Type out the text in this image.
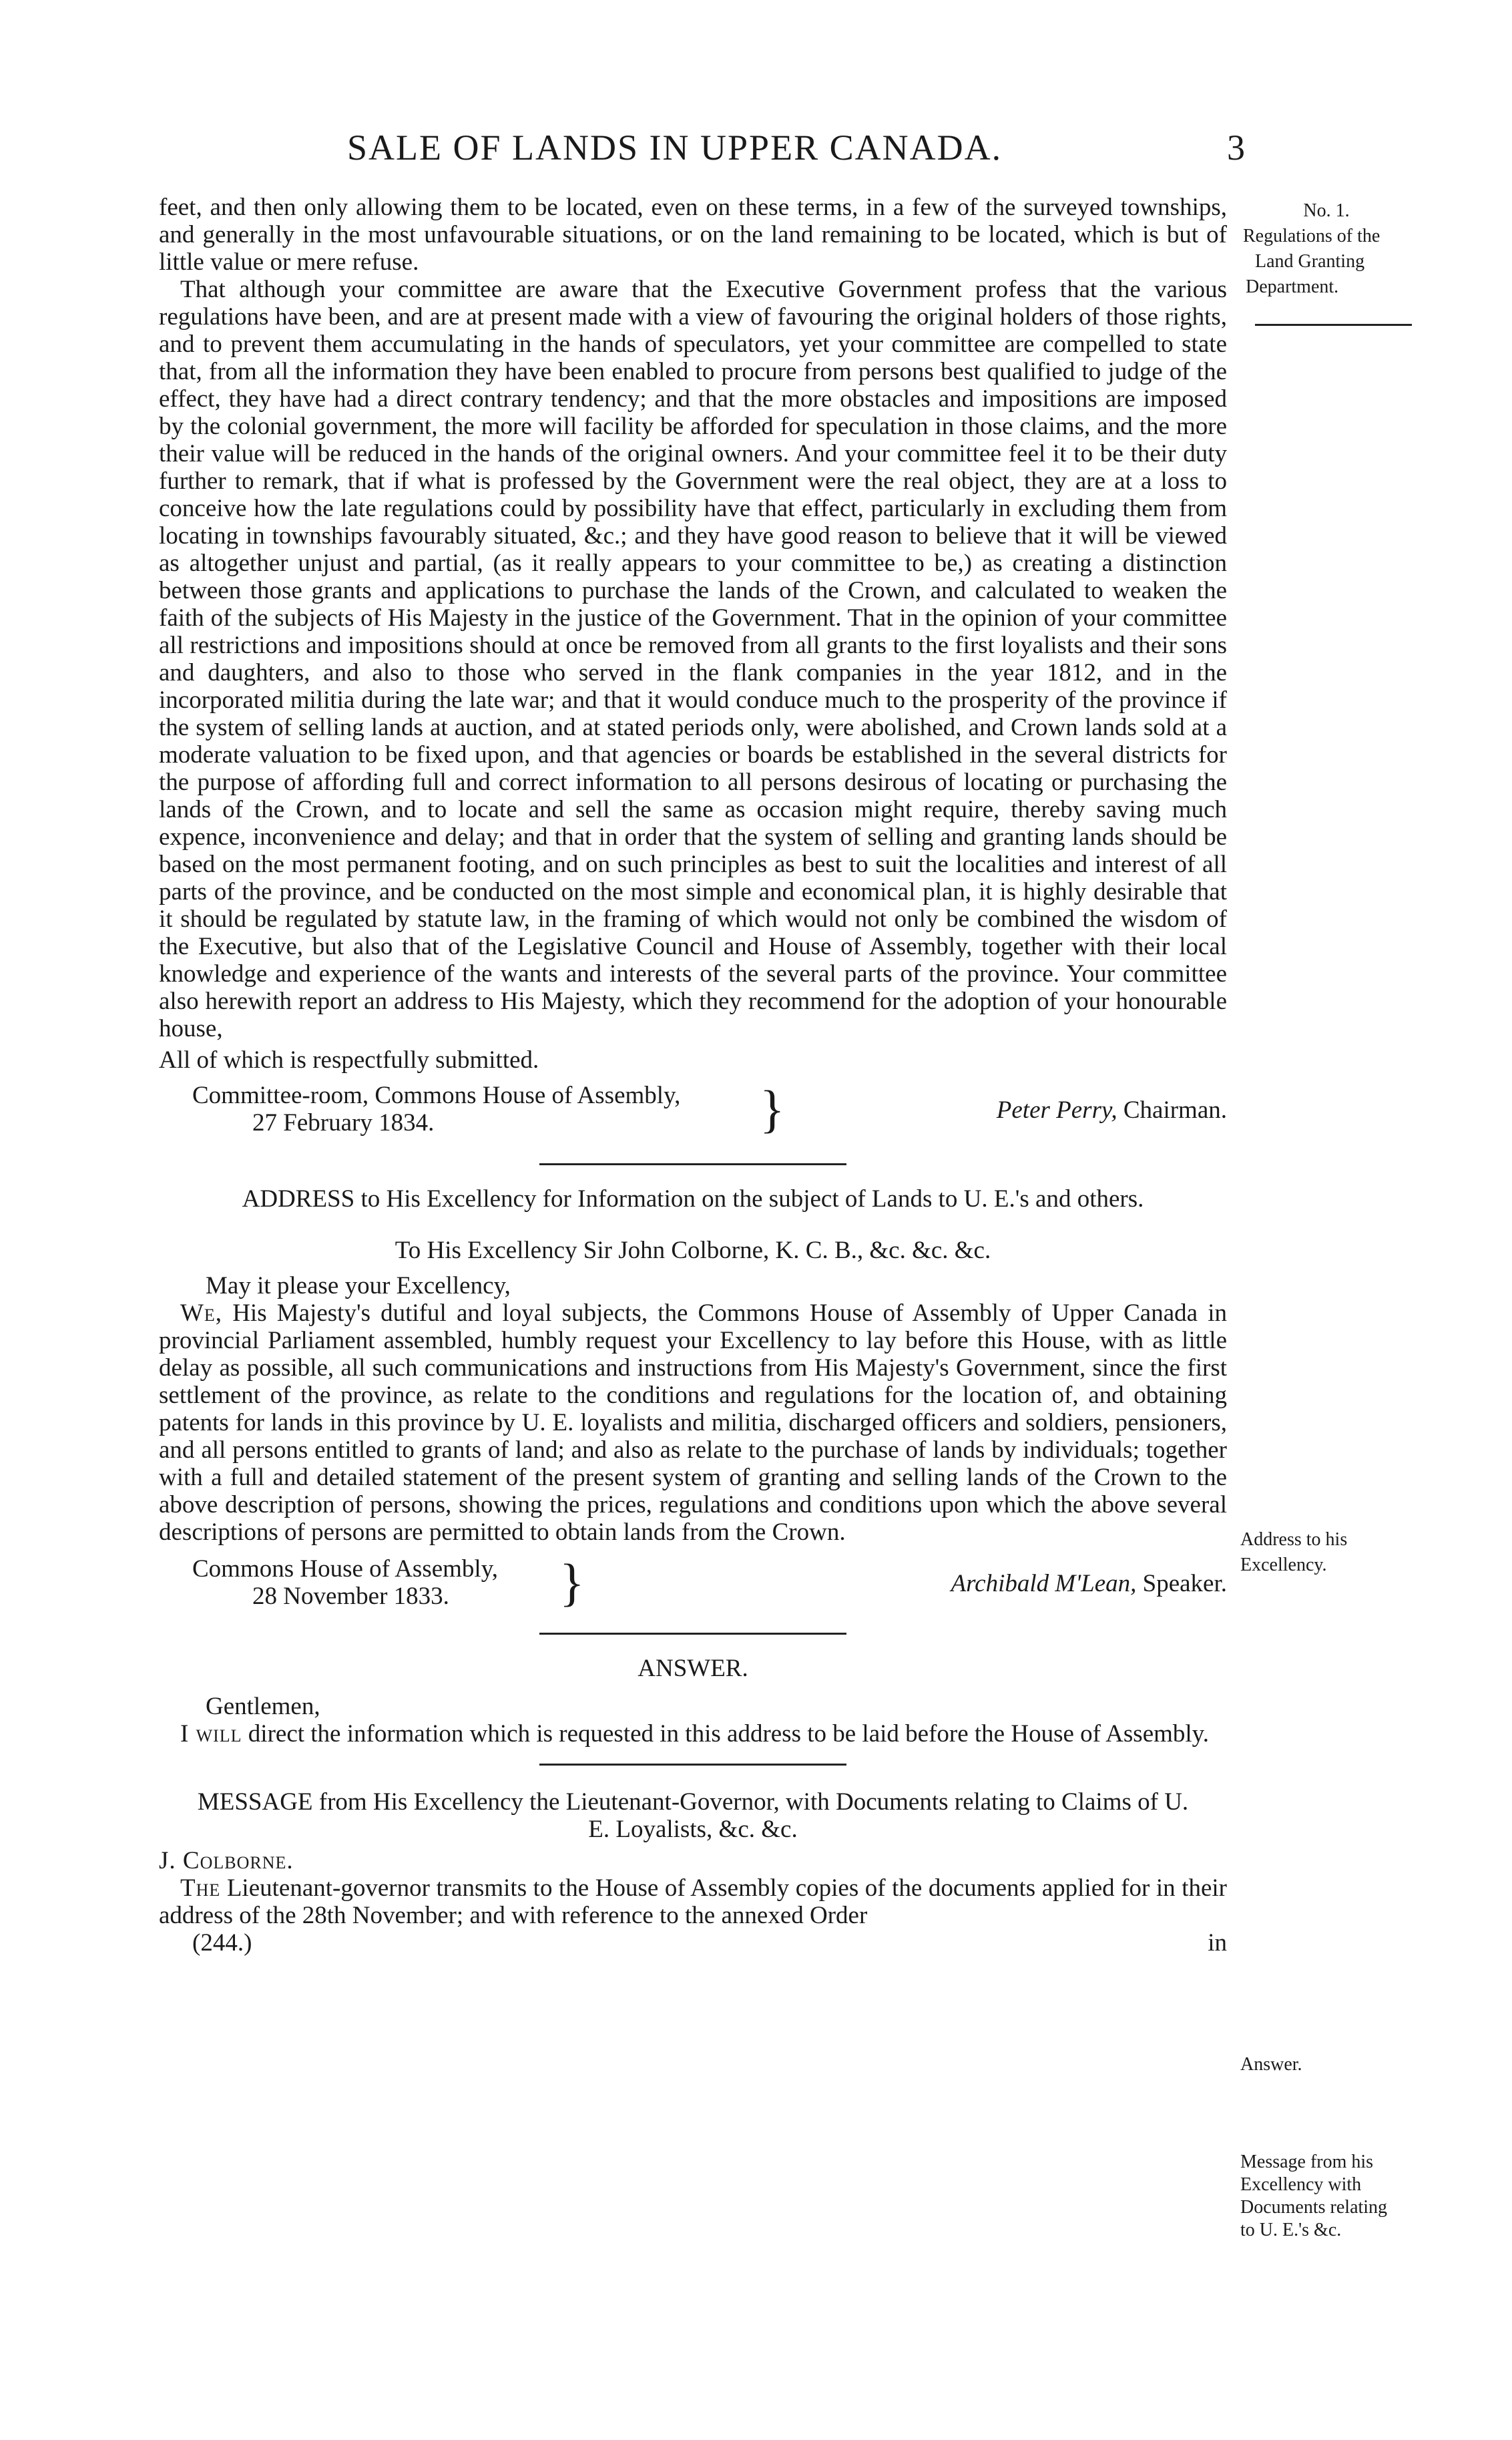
SALE OF LANDS IN UPPER CANADA.	3
No. 1.
Regulations of the
Land Granting
Department.
Address to his
Excellency.
Answer.
Message from his
Excellency with
Documents relating
to U. E.'s &c.

feet, and then only allowing them to be located, even on these terms, in a few of the surveyed townships, and generally in the most unfavourable situations, or on the land remaining to be located, which is but of little value or mere refuse.

That although your committee are aware that the Executive Government profess that the various regulations have been, and are at present made with a view of favouring the original holders of those rights, and to prevent them accumulating in the hands of speculators, yet your committee are compelled to state that, from all the information they have been enabled to procure from persons best qualified to judge of the effect, they have had a direct contrary tendency; and that the more obstacles and impositions are imposed by the colonial government, the more will facility be afforded for speculation in those claims, and the more their value will be reduced in the hands of the original owners. And your committee feel it to be their duty further to remark, that if what is professed by the Government were the real object, they are at a loss to conceive how the late regulations could by possibility have that effect, particularly in excluding them from locating in townships favourably situated, &c.; and they have good reason to believe that it will be viewed as altogether unjust and partial, (as it really appears to your committee to be,) as creating a distinction between those grants and applications to purchase the lands of the Crown, and calculated to weaken the faith of the subjects of His Majesty in the justice of the Government. That in the opinion of your committee all restrictions and impositions should at once be removed from all grants to the first loyalists and their sons and daughters, and also to those who served in the flank companies in the year 1812, and in the incorporated militia during the late war; and that it would conduce much to the prosperity of the province if the system of selling lands at auction, and at stated periods only, were abolished, and Crown lands sold at a moderate valuation to be fixed upon, and that agencies or boards be established in the several districts for the purpose of affording full and correct information to all persons desirous of locating or purchasing the lands of the Crown, and to locate and sell the same as occasion might require, thereby saving much expence, inconvenience and delay; and that in order that the system of selling and granting lands should be based on the most permanent footing, and on such principles as best to suit the localities and interest of all parts of the province, and be conducted on the most simple and economical plan, it is highly desirable that it should be regulated by statute law, in the framing of which would not only be combined the wisdom of the Executive, but also that of the Legislative Council and House of Assembly, together with their local knowledge and experience of the wants and interests of the several parts of the province. Your committee also herewith report an address to His Majesty, which they recommend for the adoption of your honourable house,

All of which is respectfully submitted.

Committee-room, Commons House of Assembly,
27 February 1834.	}	Peter Perry, Chairman.
ADDRESS to His Excellency for Information on the subject of Lands to U. E.'s and others.
To His Excellency Sir John Colborne, K. C. B., &c. &c. &c.

May it please your Excellency,

We, His Majesty's dutiful and loyal subjects, the Commons House of Assembly of Upper Canada in provincial Parliament assembled, humbly request your Excellency to lay before this House, with as little delay as possible, all such communications and instructions from His Majesty's Government, since the first settlement of the province, as relate to the conditions and regulations for the location of, and obtaining patents for lands in this province by U. E. loyalists and militia, discharged officers and soldiers, pensioners, and all persons entitled to grants of land; and also as relate to the purchase of lands by individuals; together with a full and detailed statement of the present system of granting and selling lands of the Crown to the above description of persons, showing the prices, regulations and conditions upon which the above several descriptions of persons are permitted to obtain lands from the Crown.

Commons House of Assembly,
28 November 1833.	}	Archibald M'Lean, Speaker.
ANSWER.

Gentlemen,

I will direct the information which is requested in this address to be laid before the House of Assembly.

MESSAGE from His Excellency the Lieutenant-Governor, with Documents relating to Claims of U. E. Loyalists, &c. &c.

J. Colborne.

The Lieutenant-governor transmits to the House of Assembly copies of the documents applied for in their address of the 28th November; and with reference to the annexed Order

(244.)	in
